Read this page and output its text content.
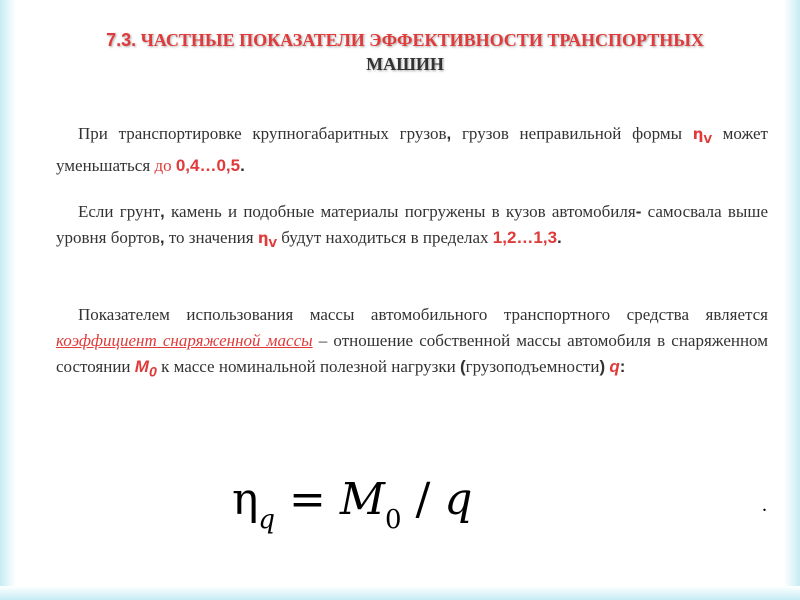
7.3. ЧАСТНЫЕ ПОКАЗАТЕЛИ ЭФФЕКТИВНОСТИ ТРАНСПОРТНЫХ
МАШИН

При транспортировке крупногабаритных грузов, грузов неправильной формы $\eta_V$ может уменьшаться до 0,4…0,5.

Если грунт, камень и подобные материалы погружены в кузов автомобиля- самосвала выше уровня бортов, то значения $\eta_V$ будут находиться в пределах 1,2…1,3.

Показателем использования массы автомобильного транспортного средства является коэффициент снаряженной массы – отношение собственной массы автомобиля в снаряженном состоянии $М_0$ к массе номинальной полезной нагрузки (грузоподъемности) q:

$\eta_q = M_0 / q$	.
